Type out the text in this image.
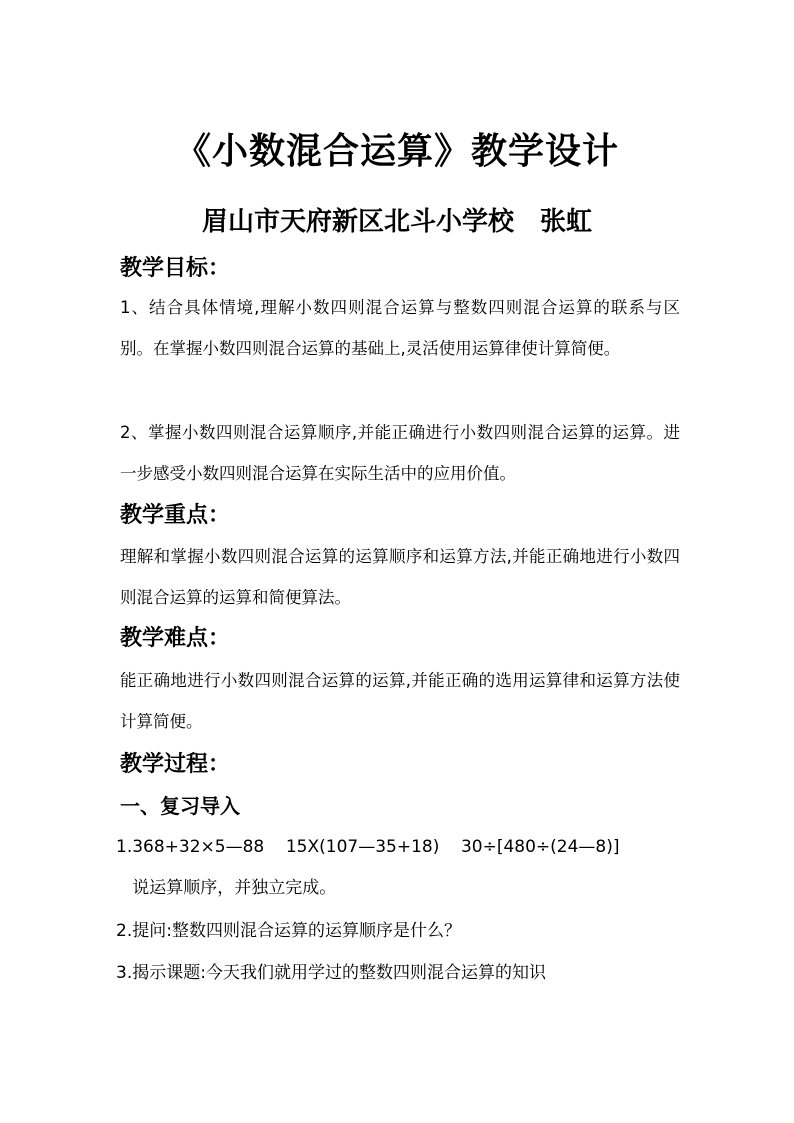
《小数混合运算》教学设计
眉山市天府新区北斗小学校 张虹
教学目标：
1、结合具体情境,理解小数四则混合运算与整数四则混合运算的联系与区别。在掌握小数四则混合运算的基础上,灵活使用运算律使计算简便。
2、掌握小数四则混合运算顺序,并能正确进行小数四则混合运算的运算。进一步感受小数四则混合运算在实际生活中的应用价值。
教学重点：
理解和掌握小数四则混合运算的运算顺序和运算方法,并能正确地进行小数四则混合运算的运算和简便算法。
教学难点：
能正确地进行小数四则混合运算的运算,并能正确的选用运算律和运算方法使计算简便。
教学过程：
一、复习导入
1.368+32×5—88    15X(107—35+18)    30÷[480÷(24—8)]
说运算顺序，并独立完成。
2.提问:整数四则混合运算的运算顺序是什么？
3.揭示课题:今天我们就用学过的整数四则混合运算的知识
